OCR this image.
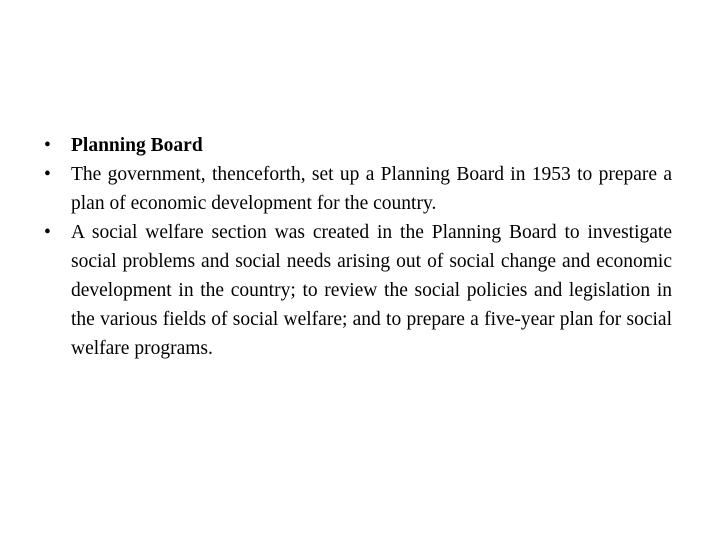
•	Planning Board
•	The government, thenceforth, set up a Planning Board in 1953 to prepare a plan of economic development for the country.
•	A social welfare section was created in the Planning Board to investigate social problems and social needs arising out of social change and economic development in the country; to review the social policies and legislation in the various fields of social welfare; and to prepare a five-year plan for social welfare programs.
